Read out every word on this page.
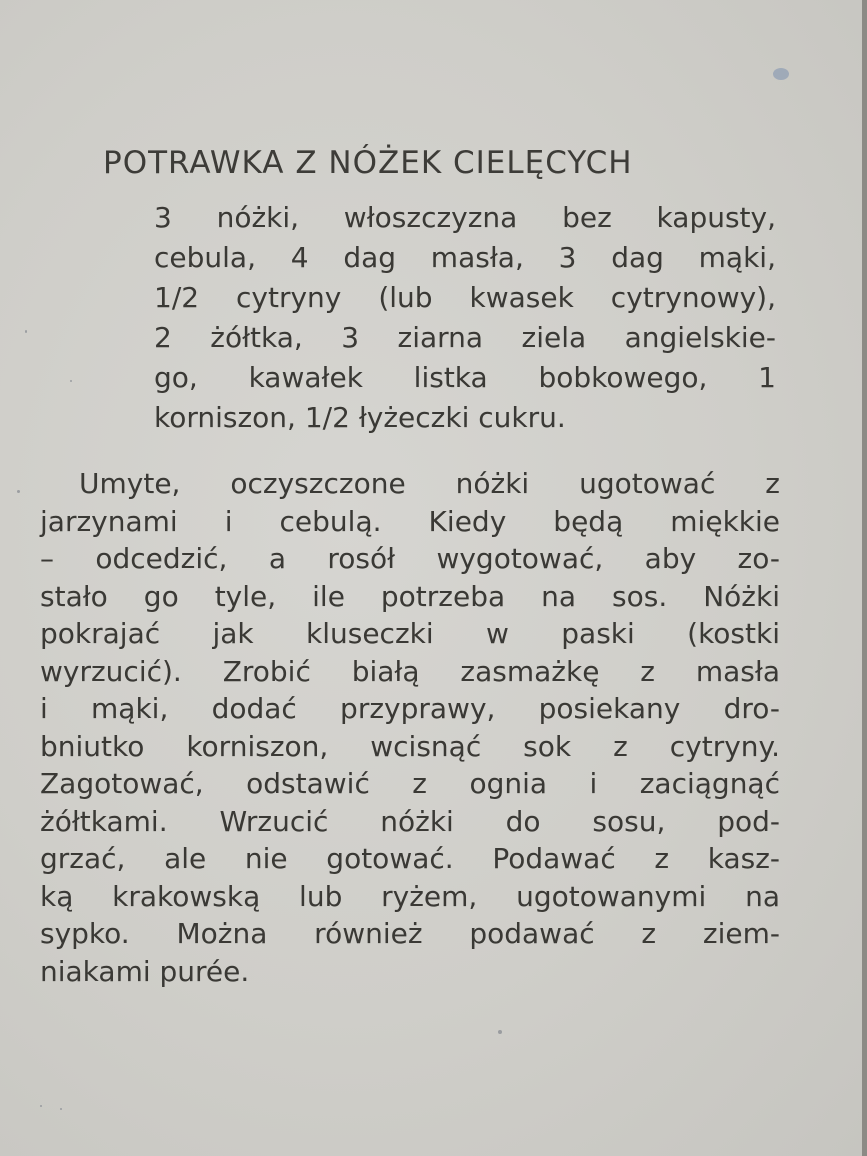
POTRAWKA Z NÓŻEK CIELĘCYCH
3 nóżki, włoszczyzna bez kapusty,
cebula, 4 dag masła, 3 dag mąki,
1/2 cytryny (lub kwasek cytrynowy),
2 żółtka, 3 ziarna ziela angielskie-
go, kawałek listka bobkowego, 1
korniszon, 1/2 łyżeczki cukru.
Umyte, oczyszczone nóżki ugotować z
jarzynami i cebulą. Kiedy będą miękkie
– odcedzić, a rosół wygotować, aby zo-
stało go tyle, ile potrzeba na sos. Nóżki
pokrajać jak kluseczki w paski (kostki
wyrzucić). Zrobić białą zasmażkę z masła
i mąki, dodać przyprawy, posiekany dro-
bniutko korniszon, wcisnąć sok z cytryny.
Zagotować, odstawić z ognia i zaciągnąć
żółtkami. Wrzucić nóżki do sosu, pod-
grzać, ale nie gotować. Podawać z kasz-
ką krakowską lub ryżem, ugotowanymi na
sypko. Można również podawać z ziem-
niakami purée.
